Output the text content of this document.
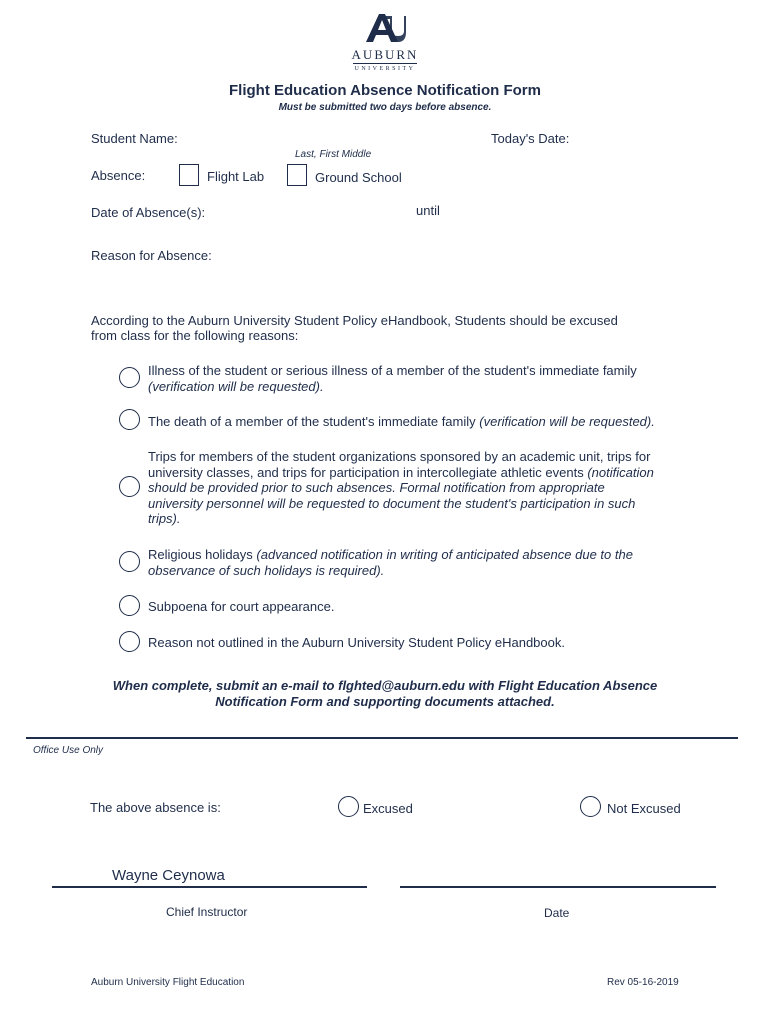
AUBURN
UNIVERSITY
Flight Education Absence Notification Form
Must be submitted two days before absence.
Student Name:	Today's Date:
Last, First Middle
Absence:	Flight Lab	Ground School
Date of Absence(s):	until
Reason for Absence:
According to the Auburn University Student Policy eHandbook, Students should be excused
from class for the following reasons:
Illness of the student or serious illness of a member of the student's immediate family
(verification will be requested).
The death of a member of the student's immediate family (verification will be requested).
Trips for members of the student organizations sponsored by an academic unit, trips for
university classes, and trips for participation in intercollegiate athletic events (notification
should be provided prior to such absences. Formal notification from appropriate
university personnel will be requested to document the student's participation in such
trips).
Religious holidays (advanced notification in writing of anticipated absence due to the
observance of such holidays is required).
Subpoena for court appearance.
Reason not outlined in the Auburn University Student Policy eHandbook.
When complete, submit an e-mail to flghted@auburn.edu with Flight Education Absence
Notification Form and supporting documents attached.
Office Use Only
The above absence is:	Excused	Not Excused
Wayne Ceynowa
Chief Instructor	Date
Auburn University Flight Education	Rev 05-16-2019
